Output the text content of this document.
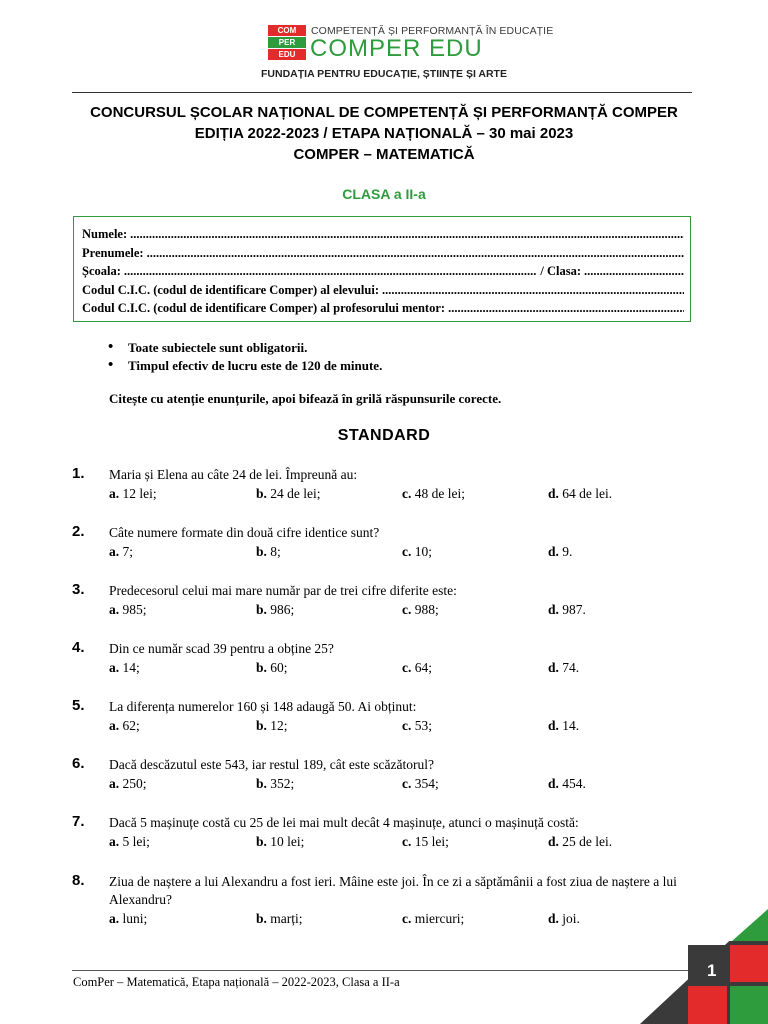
COM
PER
EDU
COMPETENȚĂ ȘI PERFORMANȚĂ ÎN EDUCAȚIE
COMPER EDU
FUNDAȚIA PENTRU EDUCAȚIE, ȘTIINȚE ȘI ARTE
CONCURSUL ȘCOLAR NAȚIONAL DE COMPETENȚĂ ȘI PERFORMANȚĂ COMPER
EDIȚIA 2022-2023 / ETAPA NAȚIONALĂ – 30 mai 2023
COMPER – MATEMATICĂ
CLASA a II-a
Numele:
.....
Prenumele:
.....
Școala:
.....	/ Clasa:
.....
Codul C.I.C. (codul de identificare Comper) al elevului:
.....
Codul C.I.C. (codul de identificare Comper) al profesorului mentor:
.....
• Toate subiectele sunt obligatorii.
• Timpul efectiv de lucru este de 120 de minute.
Citește cu atenție enunțurile, apoi bifează în grilă răspunsurile corecte.
STANDARD
1. Maria și Elena au câte 24 de lei. Împreună au:
a. 12 lei;	b. 24 de lei;	c. 48 de lei;	d. 64 de lei.
2. Câte numere formate din două cifre identice sunt?
a. 7;	b. 8;	c. 10;	d. 9.
3. Predecesorul celui mai mare număr par de trei cifre diferite este:
a. 985;	b. 986;	c. 988;	d. 987.
4. Din ce număr scad 39 pentru a obține 25?
a. 14;	b. 60;	c. 64;	d. 74.
5. La diferența numerelor 160 și 148 adaugă 50. Ai obținut:
a. 62;	b. 12;	c. 53;	d. 14.
6. Dacă descăzutul este 543, iar restul 189, cât este scăzătorul?
a. 250;	b. 352;	c. 354;	d. 454.
7. Dacă 5 mașinuțe costă cu 25 de lei mai mult decât 4 mașinuțe, atunci o mașinuță costă:
a. 5 lei;	b. 10 lei;	c. 15 lei;	d. 25 de lei.
8. Ziua de naștere a lui Alexandru a fost ieri. Mâine este joi. În ce zi a săptămânii a fost ziua de naștere a lui Alexandru?
a. luni;	b. marți;	c. miercuri;	d. joi.
ComPer – Matematică, Etapa națională – 2022-2023, Clasa a II-a
1
